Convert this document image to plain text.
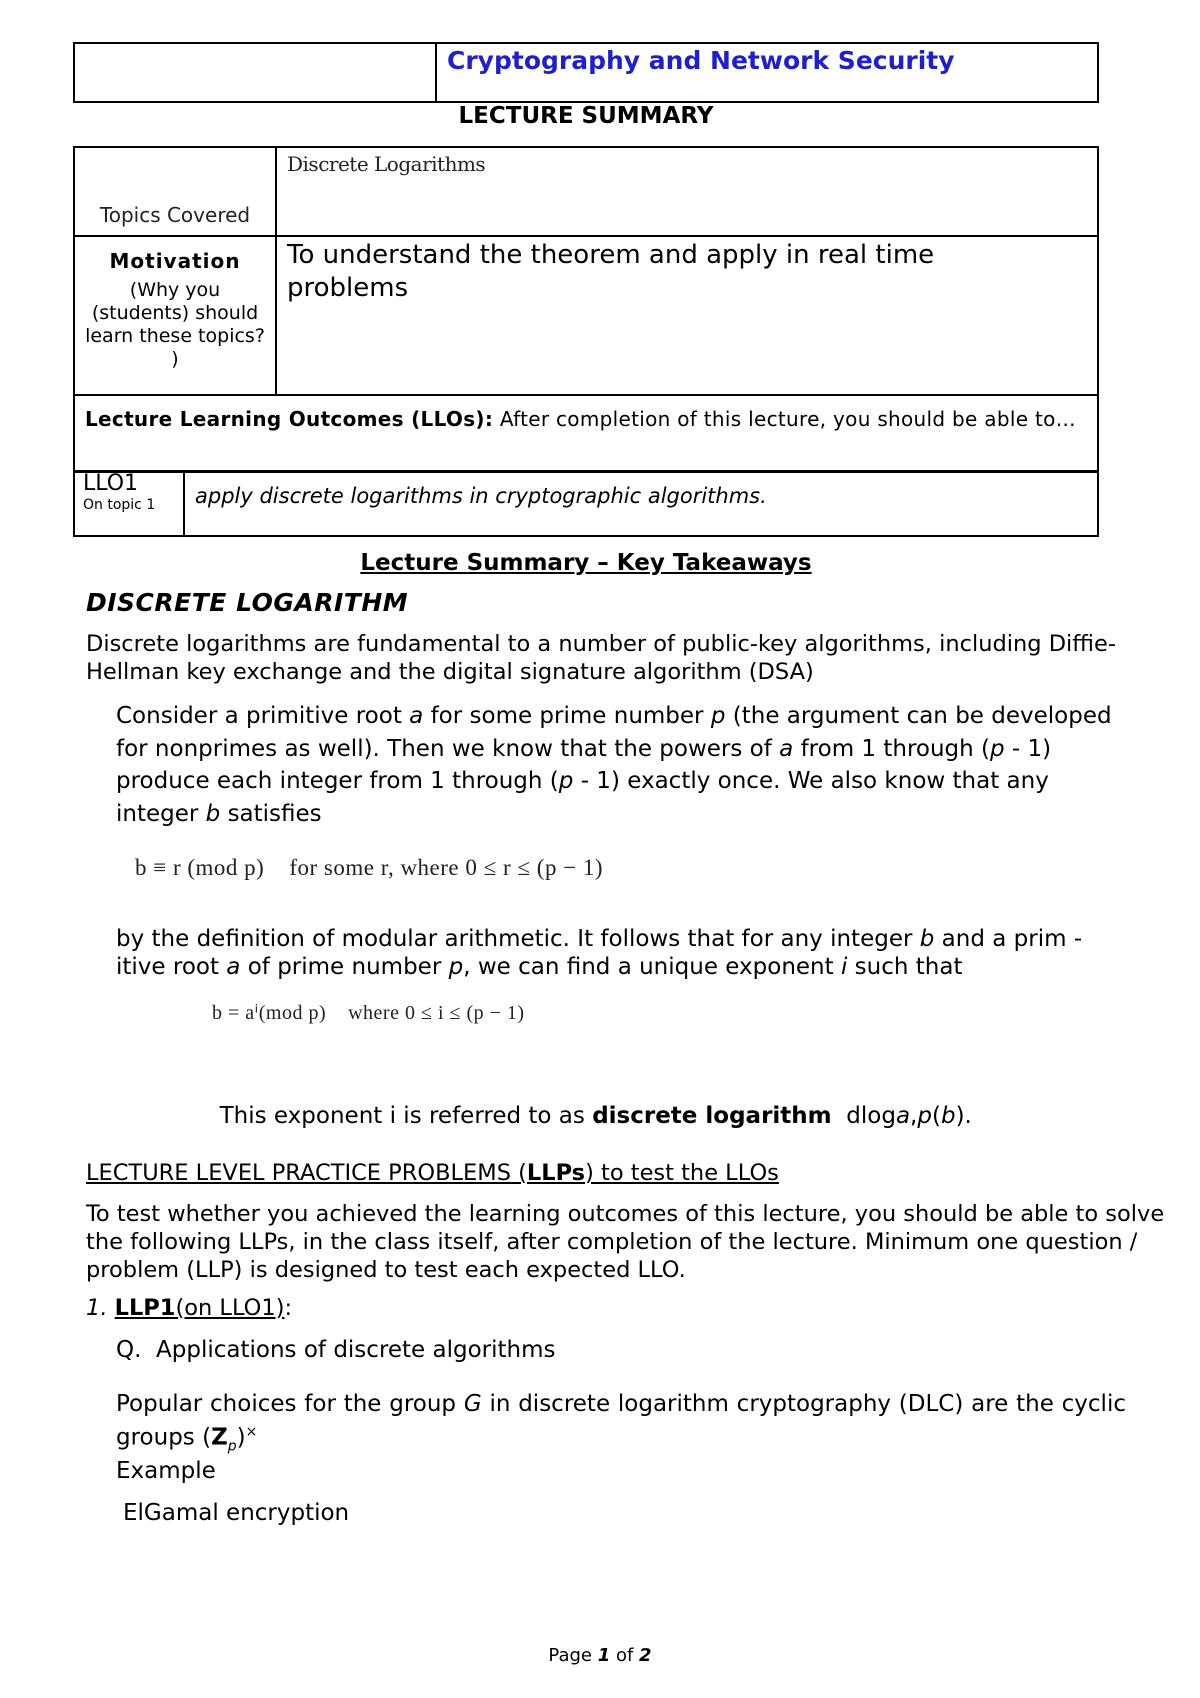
	Cryptography and Network Security
LECTURE SUMMARY
Topics Covered	Discrete Logarithms

Motivation
(Why you (students) should learn these topics? )	To understand the theorem and apply in real time problems

Lecture Learning Outcomes (LLOs): After completion of this lecture, you should be able to…	
LLO1
On topic 1	apply discrete logarithms in cryptographic algorithms.
Lecture Summary – Key Takeaways
DISCRETE LOGARITHM
Discrete logarithms are fundamental to a number of public-key algorithms, including Diffie-Hellman key exchange and the digital signature algorithm (DSA)
Consider a primitive root a for some prime number p (the argument can be developed for nonprimes as well). Then we know that the powers of a from 1 through (p - 1) produce each integer from 1 through (p - 1) exactly once. We also know that any integer b satisfies
b ≡ r (mod p)    for some r, where 0 ≤ r ≤ (p − 1)
by the definition of modular arithmetic. It follows that for any integer b and a prim - itive root a of prime number p, we can find a unique exponent i such that
b = aⁱ(mod p)    where 0 ≤ i ≤ (p − 1)

This exponent i is referred to as discrete logarithm  dloga,p(b).

LECTURE LEVEL PRACTICE PROBLEMS (LLPs) to test the LLOs
To test whether you achieved the learning outcomes of this lecture, you should be able to solve the following LLPs, in the class itself, after completion of the lecture. Minimum one question / problem (LLP) is designed to test each expected LLO.
1. LLP1(on LLO1):
Q.  Applications of discrete algorithms
Popular choices for the group G in discrete logarithm cryptography (DLC) are the cyclic groups $(Z_p)^\times$
Example
ElGamal encryption
Page 1 of 2
